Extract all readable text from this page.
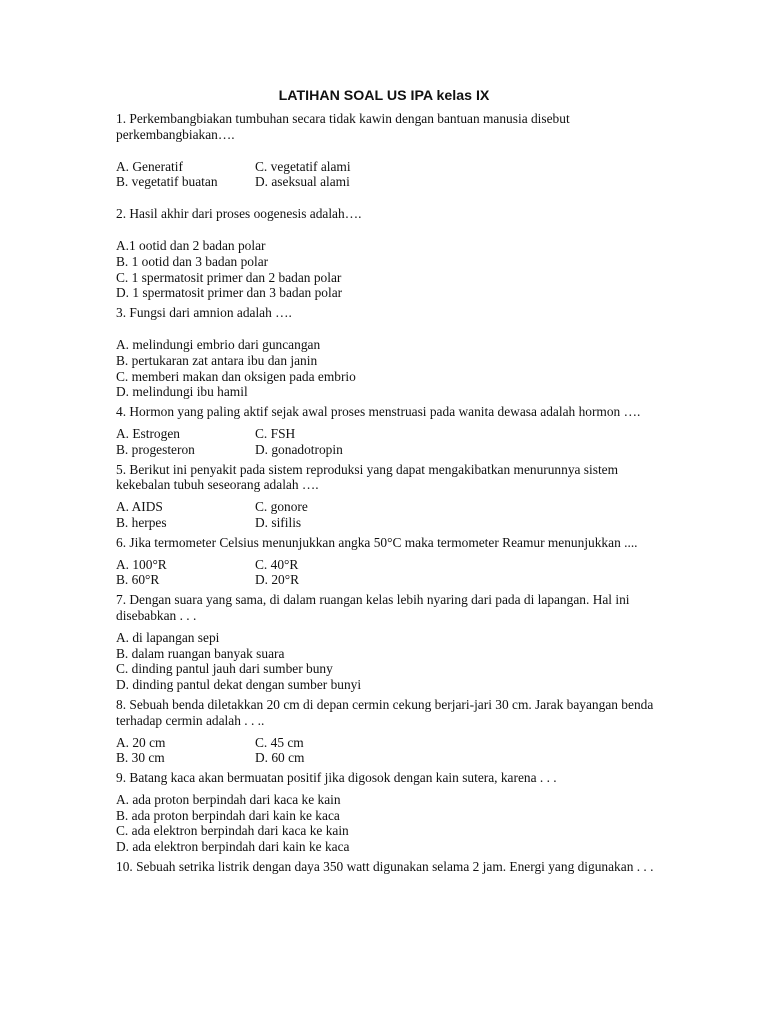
LATIHAN SOAL US IPA kelas IX
1. Perkembangbiakan tumbuhan secara tidak kawin dengan bantuan manusia disebut perkembangbiakan….
A. Generatif	C. vegetatif alami
B. vegetatif buatan	D. aseksual alami
2. Hasil akhir dari proses oogenesis adalah….
A.1 ootid dan 2 badan polar
B. 1 ootid dan 3 badan polar
C. 1 spermatosit primer dan 2 badan polar
D. 1 spermatosit primer dan 3 badan polar
3. Fungsi dari amnion adalah ….
A. melindungi embrio dari guncangan
B. pertukaran zat antara ibu dan janin
C. memberi makan dan oksigen pada embrio
D. melindungi ibu hamil
4. Hormon yang paling aktif sejak awal proses menstruasi pada wanita dewasa adalah hormon ….
A. Estrogen	C. FSH
B. progesteron	D. gonadotropin
5. Berikut ini penyakit pada sistem reproduksi yang dapat mengakibatkan menurunnya sistem kekebalan tubuh seseorang adalah ….
A. AIDS	C. gonore
B. herpes	D. sifilis
6. Jika termometer Celsius menunjukkan angka 50°C maka termometer Reamur menunjukkan ....
A. 100°R	C. 40°R
B. 60°R	D. 20°R
7. Dengan suara yang sama, di dalam ruangan kelas lebih nyaring dari pada di lapangan. Hal ini disebabkan . . .
A. di lapangan sepi
B. dalam ruangan banyak suara
C. dinding pantul jauh dari sumber buny
D. dinding pantul dekat dengan sumber bunyi
8. Sebuah benda diletakkan 20 cm di depan cermin cekung berjari-jari 30 cm. Jarak bayangan benda terhadap cermin adalah . . ..
A. 20 cm	C. 45 cm
B. 30 cm	D. 60 cm
9. Batang kaca akan bermuatan positif jika digosok dengan kain sutera, karena . . .
A. ada proton berpindah dari kaca ke kain
B. ada proton berpindah dari kain ke kaca
C. ada elektron berpindah dari kaca ke kain
D. ada elektron berpindah dari kain ke kaca
10. Sebuah setrika listrik dengan daya 350 watt digunakan selama 2 jam. Energi yang digunakan . . .
